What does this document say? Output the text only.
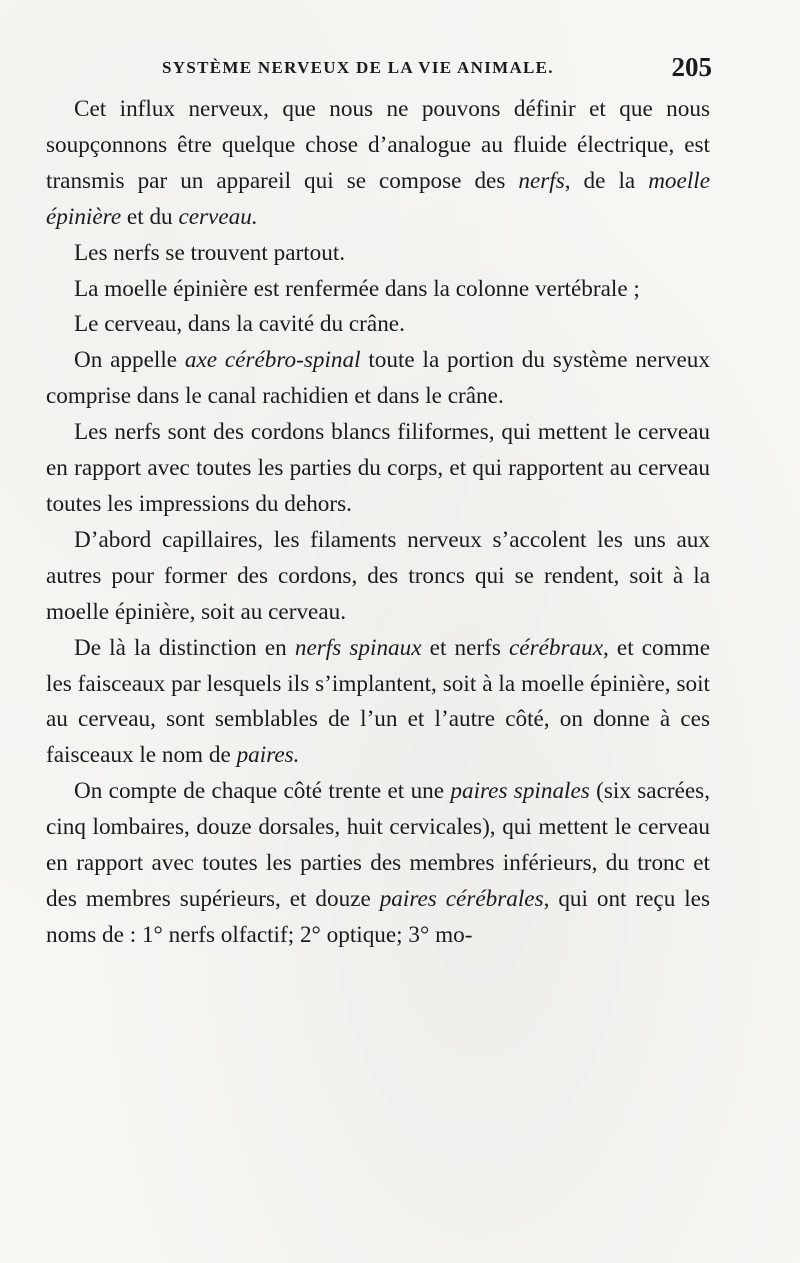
SYSTÈME NERVEUX DE LA VIE ANIMALE.	205

Cet influx nerveux, que nous ne pouvons définir et que nous soupçonnons être quelque chose d’analogue au fluide électrique, est transmis par un appareil qui se compose des nerfs, de la moelle épinière et du cerveau.

Les nerfs se trouvent partout.

La moelle épinière est renfermée dans la colonne vertébrale ;

Le cerveau, dans la cavité du crâne.

On appelle axe cérébro-spinal toute la portion du système nerveux comprise dans le canal rachidien et dans le crâne.

Les nerfs sont des cordons blancs filiformes, qui mettent le cerveau en rapport avec toutes les parties du corps, et qui rapportent au cerveau toutes les impressions du dehors.

D’abord capillaires, les filaments nerveux s’accolent les uns aux autres pour former des cordons, des troncs qui se rendent, soit à la moelle épinière, soit au cerveau.

De là la distinction en nerfs spinaux et nerfs cérébraux, et comme les faisceaux par lesquels ils s’implantent, soit à la moelle épinière, soit au cerveau, sont semblables de l’un et l’autre côté, on donne à ces faisceaux le nom de paires.

On compte de chaque côté trente et une paires spinales (six sacrées, cinq lombaires, douze dorsales, huit cervicales), qui mettent le cerveau en rapport avec toutes les parties des membres inférieurs, du tronc et des membres supérieurs, et douze paires cérébrales, qui ont reçu les noms de : 1° nerfs olfactif; 2° optique; 3° mo-
